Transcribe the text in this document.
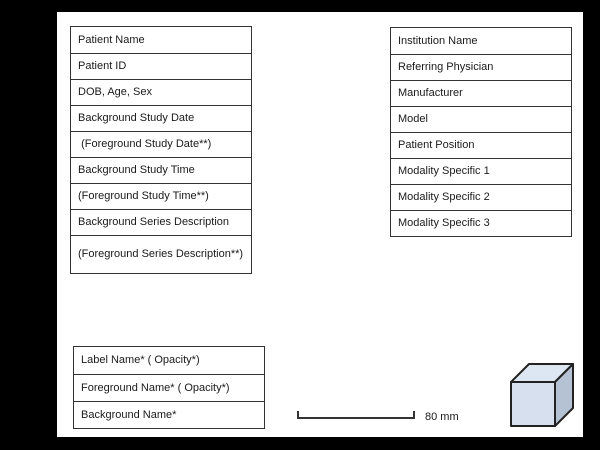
Patient Name
Patient ID
DOB, Age, Sex
Background Study Date
(Foreground Study Date**)
Background Study Time
(Foreground Study Time**)
Background Series Description
(Foreground Series Description**)
Institution Name
Referring Physician
Manufacturer
Model
Patient Position
Modality Specific 1
Modality Specific 2
Modality Specific 3
Label Name* ( Opacity*)
Foreground Name* ( Opacity*)
Background Name*	80 mm
